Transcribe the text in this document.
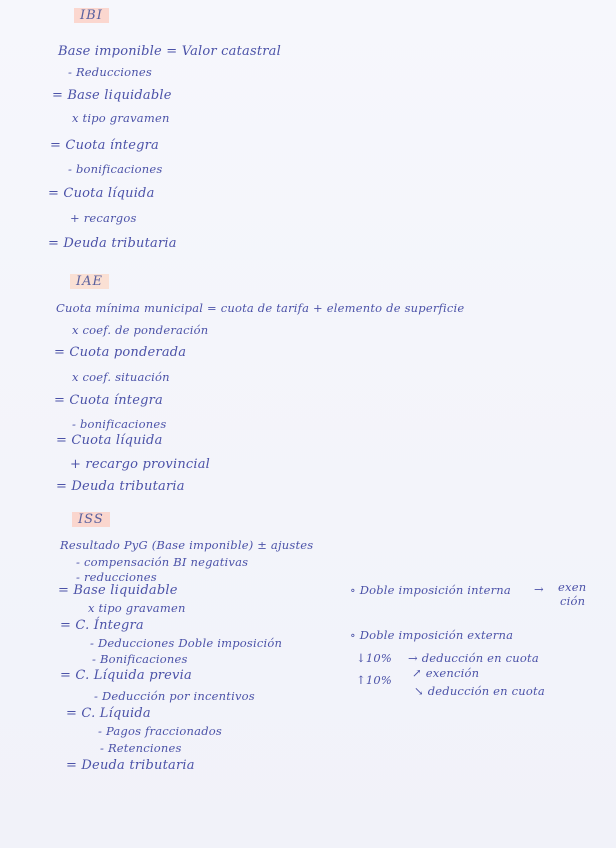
IBI
Base imponible = Valor catastral
- Reducciones
= Base liquidable
x tipo gravamen
= Cuota íntegra
- bonificaciones
= Cuota líquida
+ recargos
= Deuda tributaria
IAE
Cuota mínima municipal = cuota de tarifa + elemento de superficie
x coef. de ponderación
= Cuota ponderada
x coef. situación
= Cuota íntegra
- bonificaciones
= Cuota líquida
+ recargo provincial
= Deuda tributaria
ISS
Resultado PyG (Base imponible) ± ajustes
- compensación BI negativas
- reducciones
= Base liquidable
x tipo gravamen
= C. Íntegra
- Deducciones Doble imposición
- Bonificaciones
= C. Líquida previa
- Deducción por incentivos
= C. Líquida
- Pagos fraccionados
- Retenciones
= Deuda tributaria
∘ Doble imposición interna → exen
ción
∘ Doble imposición externa
↓10% → deducción en cuota
↑10% ↗ exención
↘ deducción en cuota
